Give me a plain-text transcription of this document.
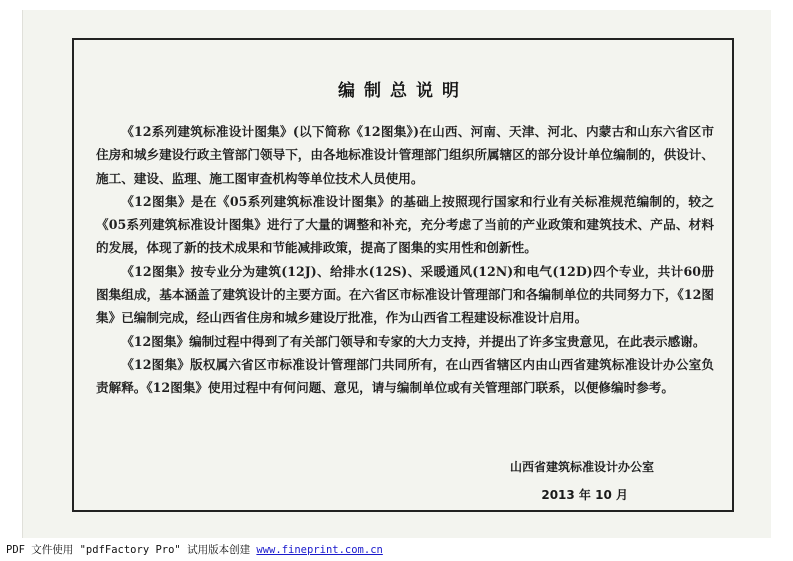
编制总说明

《12系列建筑标准设计图集》(以下简称《12图集》)在山西、河南、天津、河北、内蒙古和山东六省区市住房和城乡建设行政主管部门领导下，由各地标准设计管理部门组织所属辖区的部分设计单位编制的，供设计、施工、建设、监理、施工图审查机构等单位技术人员使用。

《12图集》是在《05系列建筑标准设计图集》的基础上按照现行国家和行业有关标准规范编制的，较之《05系列建筑标准设计图集》进行了大量的调整和补充，充分考虑了当前的产业政策和建筑技术、产品、材料的发展，体现了新的技术成果和节能减排政策，提高了图集的实用性和创新性。

《12图集》按专业分为建筑(12J)、给排水(12S)、采暖通风(12N)和电气(12D)四个专业，共计60册图集组成，基本涵盖了建筑设计的主要方面。在六省区市标准设计管理部门和各编制单位的共同努力下，《12图集》已编制完成，经山西省住房和城乡建设厅批准，作为山西省工程建设标准设计启用。

《12图集》编制过程中得到了有关部门领导和专家的大力支持，并提出了许多宝贵意见，在此表示感谢。

《12图集》版权属六省区市标准设计管理部门共同所有，在山西省辖区内由山西省建筑标准设计办公室负责解释。《12图集》使用过程中有何问题、意见，请与编制单位或有关管理部门联系，以便修编时参考。

山西省建筑标准设计办公室
2013 年 10 月
PDF 文件使用 "pdfFactory Pro" 试用版本创建 www.fineprint.com.cn
